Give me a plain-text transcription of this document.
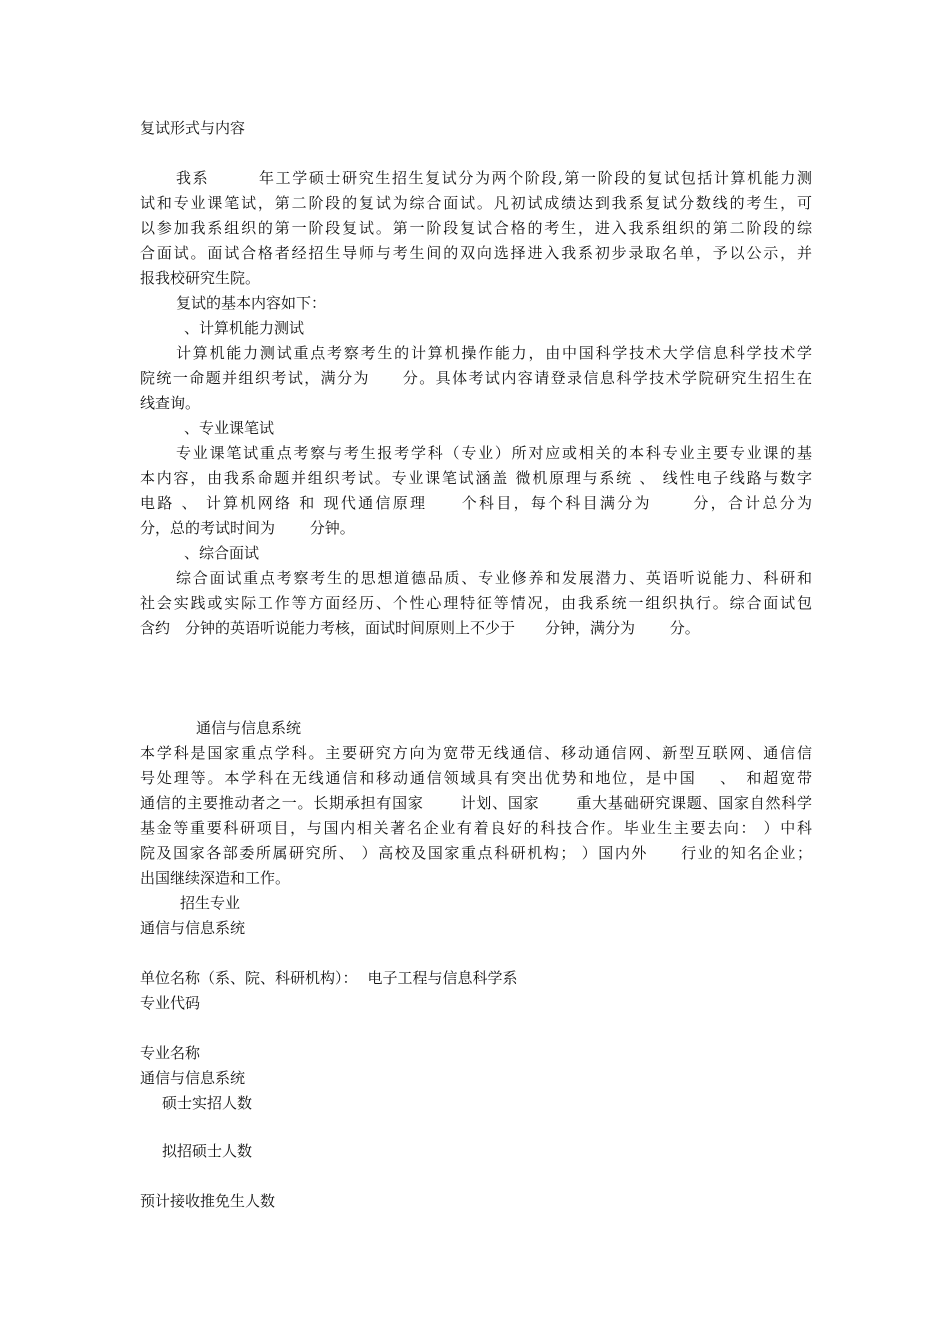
复试形式与内容
我系　　　年工学硕士研究生招生复试分为两个阶段,第一阶段的复试包括计算机能力测
试和专业课笔试，第二阶段的复试为综合面试。凡初试成绩达到我系复试分数线的考生，可
以参加我系组织的第一阶段复试。第一阶段复试合格的考生，进入我系组织的第二阶段的综
合面试。面试合格者经招生导师与考生间的双向选择进入我系初步录取名单，予以公示，并
报我校研究生院。
复试的基本内容如下：
、计算机能力测试
计算机能力测试重点考察考生的计算机操作能力，由中国科学技术大学信息科学技术学
院统一命题并组织考试，满分为　　分。具体考试内容请登录信息科学技术学院研究生招生在
线查询。
、专业课笔试
专业课笔试重点考察与考生报考学科（专业）所对应或相关的本科专业主要专业课的基
本内容，由我系命题并组织考试。专业课笔试涵盖 微机原理与系统 、 线性电子线路与数字
电路 、 计算机网络 和 现代通信原理　　个科目，每个科目满分为　　 分，合计总分为　　
分，总的考试时间为　　 分钟。
、综合面试
综合面试重点考察考生的思想道德品质、专业修养和发展潜力、英语听说能力、科研和
社会实践或实际工作等方面经历、个性心理特征等情况，由我系统一组织执行。综合面试包
含约　分钟的英语听说能力考核，面试时间原则上不少于　　分钟，满分为　　 分。
通信与信息系统
本学科是国家重点学科。主要研究方向为宽带无线通信、移动通信网、新型互联网、通信信
号处理等。本学科在无线通信和移动通信领域具有突出优势和地位，是中国　 、　和超宽带
通信的主要推动者之一。长期承担有国家　　 计划、国家　　 重大基础研究课题、国家自然科学
基金等重要科研项目，与国内相关著名企业有着良好的科技合作。毕业生主要去向： ）中科
院及国家各部委所属研究所、 ）高校及国家重点科研机构； ）国内外　　行业的知名企业；
出国继续深造和工作。
招生专业
通信与信息系统
单位名称（系、院、科研机构）： 电子工程与信息科学系
专业代码
专业名称
通信与信息系统
硕士实招人数
拟招硕士人数
预计接收推免生人数
